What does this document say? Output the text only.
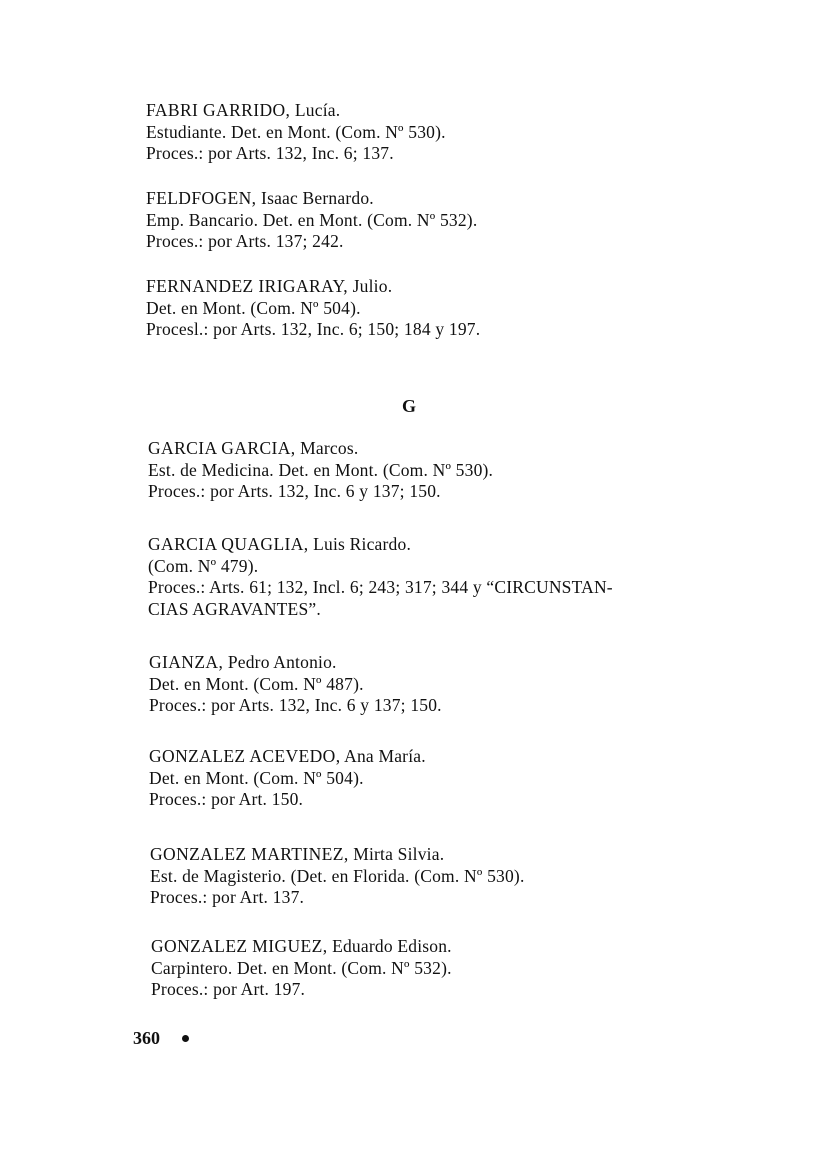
FABRI GARRIDO, Lucía.
Estudiante. Det. en Mont. (Com. Nº 530).
Proces.: por Arts. 132, Inc. 6; 137.
FELDFOGEN, Isaac Bernardo.
Emp. Bancario. Det. en Mont. (Com. Nº 532).
Proces.: por Arts. 137; 242.
FERNANDEZ IRIGARAY, Julio.
Det. en Mont. (Com. Nº 504).
Procesl.: por Arts. 132, Inc. 6; 150; 184 y 197.
GARCIA GARCIA, Marcos.
Est. de Medicina. Det. en Mont. (Com. Nº 530).
Proces.: por Arts. 132, Inc. 6 y 137; 150.
GARCIA QUAGLIA, Luis Ricardo.
(Com. Nº 479).
Proces.: Arts. 61; 132, Incl. 6; 243; 317; 344 y “CIRCUNSTAN-
CIAS AGRAVANTES”.
GIANZA, Pedro Antonio.
Det. en Mont. (Com. Nº 487).
Proces.: por Arts. 132, Inc. 6 y 137; 150.
GONZALEZ ACEVEDO, Ana María.
Det. en Mont. (Com. Nº 504).
Proces.: por Art. 150.
GONZALEZ MARTINEZ, Mirta Silvia.
Est. de Magisterio. (Det. en Florida. (Com. Nº 530).
Proces.: por Art. 137.
GONZALEZ MIGUEZ, Eduardo Edison.
Carpintero. Det. en Mont. (Com. Nº 532).
Proces.: por Art. 197.
G
360
